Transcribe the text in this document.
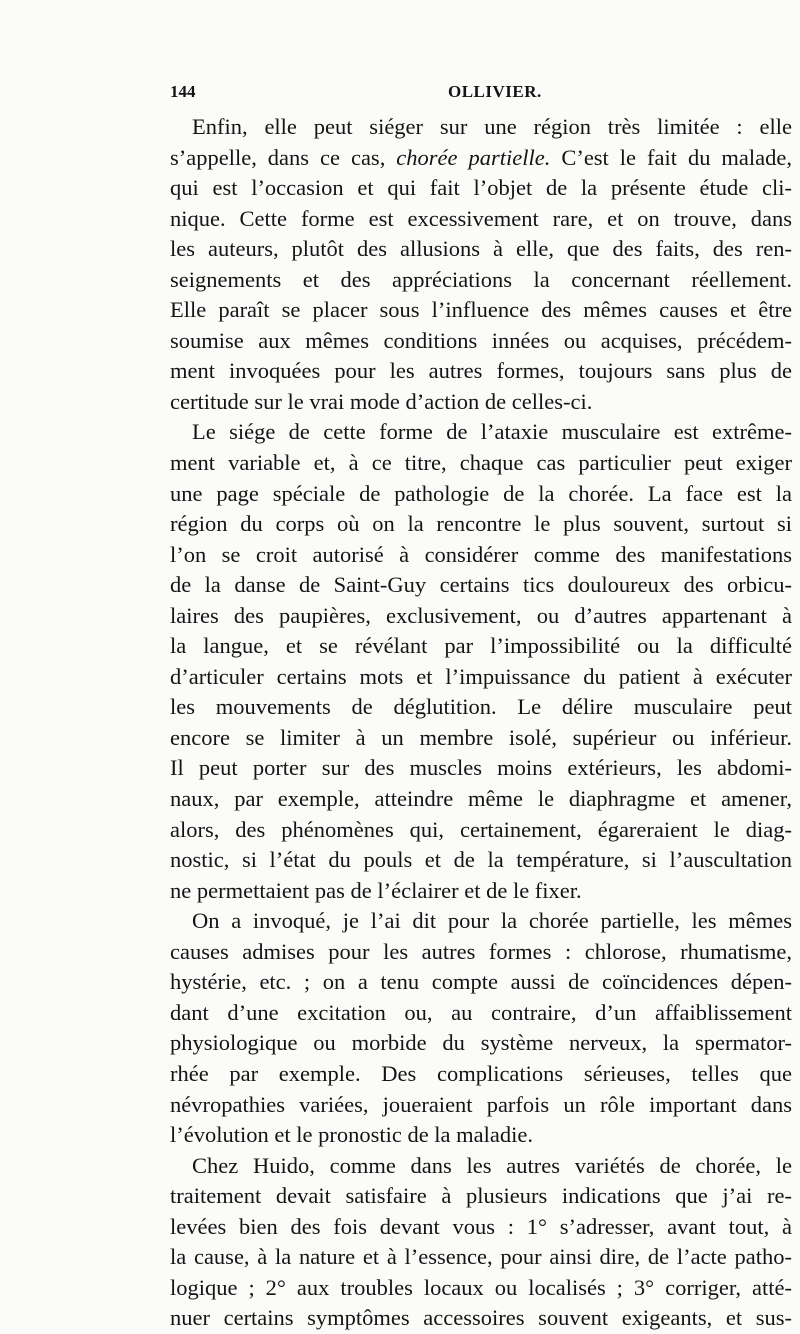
144	OLLIVIER.
Enfin, elle peut siéger sur une région très limitée : elle
s’appelle, dans ce cas, chorée partielle. C’est le fait du malade,
qui est l’occasion et qui fait l’objet de la présente étude cli-
nique. Cette forme est excessivement rare, et on trouve, dans
les auteurs, plutôt des allusions à elle, que des faits, des ren-
seignements et des appréciations la concernant réellement.
Elle paraît se placer sous l’influence des mêmes causes et être
soumise aux mêmes conditions innées ou acquises, précédem-
ment invoquées pour les autres formes, toujours sans plus de
certitude sur le vrai mode d’action de celles-ci.
Le siége de cette forme de l’ataxie musculaire est extrême-
ment variable et, à ce titre, chaque cas particulier peut exiger
une page spéciale de pathologie de la chorée. La face est la
région du corps où on la rencontre le plus souvent, surtout si
l’on se croit autorisé à considérer comme des manifestations
de la danse de Saint-Guy certains tics douloureux des orbicu-
laires des paupières, exclusivement, ou d’autres appartenant à
la langue, et se révélant par l’impossibilité ou la difficulté
d’articuler certains mots et l’impuissance du patient à exécuter
les mouvements de déglutition. Le délire musculaire peut
encore se limiter à un membre isolé, supérieur ou inférieur.
Il peut porter sur des muscles moins extérieurs, les abdomi-
naux, par exemple, atteindre même le diaphragme et amener,
alors, des phénomènes qui, certainement, égareraient le diag-
nostic, si l’état du pouls et de la température, si l’auscultation
ne permettaient pas de l’éclairer et de le fixer.
On a invoqué, je l’ai dit pour la chorée partielle, les mêmes
causes admises pour les autres formes : chlorose, rhumatisme,
hystérie, etc. ; on a tenu compte aussi de coïncidences dépen-
dant d’une excitation ou, au contraire, d’un affaiblissement
physiologique ou morbide du système nerveux, la spermator-
rhée par exemple. Des complications sérieuses, telles que
névropathies variées, joueraient parfois un rôle important dans
l’évolution et le pronostic de la maladie.
Chez Huido, comme dans les autres variétés de chorée, le
traitement devait satisfaire à plusieurs indications que j’ai re-
levées bien des fois devant vous : 1° s’adresser, avant tout, à
la cause, à la nature et à l’essence, pour ainsi dire, de l’acte patho-
logique ; 2° aux troubles locaux ou localisés ; 3° corriger, atté-
nuer certains symptômes accessoires souvent exigeants, et sus-
